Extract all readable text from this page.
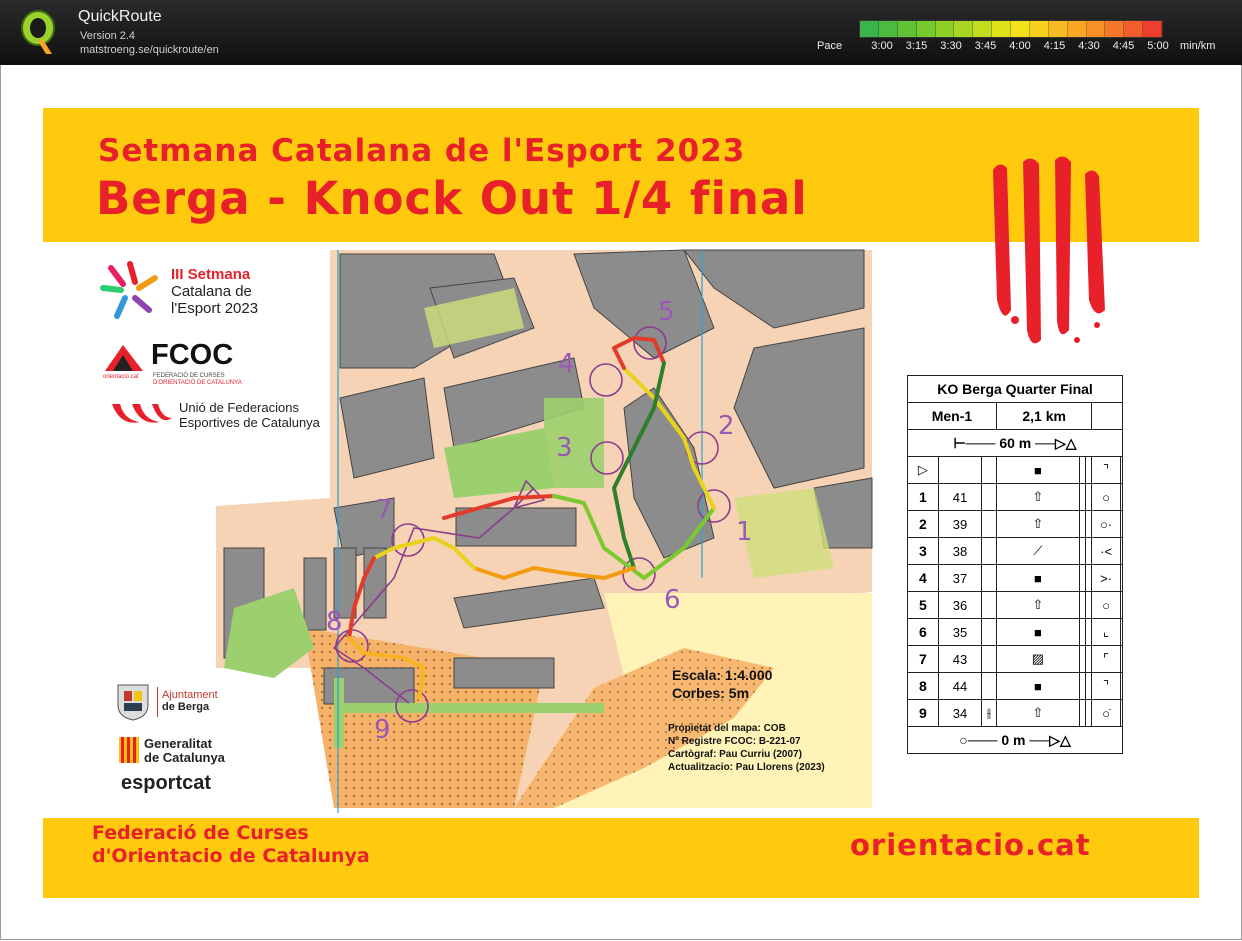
QuickRoute
Version 2.4
matstroeng.se/quickroute/en	Pace	3:00 3:15 3:30 3:45 4:00 4:15 4:30 4:45 5:00 min/km
Setmana Catalana de l'Esport 2023
Berga - Knock Out 1/4 final
III Setmana
Catalana de
l'Esport 2023
orientacio.cat
FCOC
FEDERACIÓ DE CURSES
D'ORIENTACIÓ DE CATALUNYA
Unió de Federacions
Esportives de Catalunya
Ajuntament
de Berga
Generalitat
de Catalunya
esportcat
1
2
3
4
5
6
7
8
9
Escala: 1:4.000
Corbes: 5m
Propietat del mapa: COB
Nº Registre FCOC: B-221-07
Cartògraf: Pau Curriu (2007)
Actualitzacio: Pau Llorens (2023)
KO Berga Quarter Final							
Men-1			2,1 km				
⊢─── 60 m ──▷△							
▷			■			⌝	
1	41		⇧			○	
2	39		⇧			○·	
3	38		⟋			·<	
4	37		■			>·	
5	36		⇧			○	
6	35		■			⌞	
7	43		▨			⌜	
8	44		■			⌝	
9	34	⫲	⇧			○̇	
○─── 0 m ──▷△							
Federació de Curses
d'Orientacio de Catalunya	orientacio.cat
